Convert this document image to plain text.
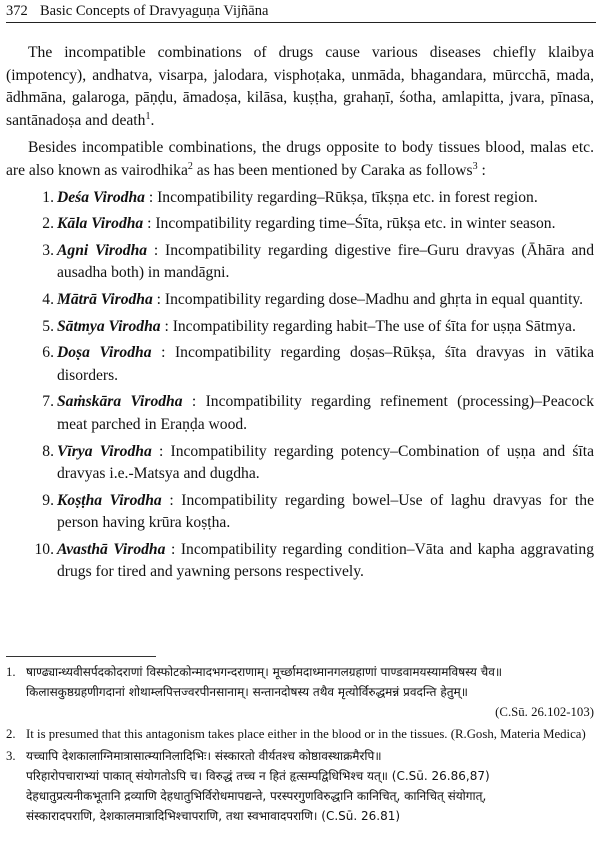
372 Basic Concepts of Dravyaguṇa Vijñāna

The incompatible combinations of drugs cause various diseases chiefly klaibya (impotency), andhatva, visarpa, jalodara, visphoṭaka, unmāda, bhagandara, mūrcchā, mada, ādhmāna, galaroga, pāṇḍu, āmadoṣa, kilāsa, kuṣṭha, grahaṇī, śotha, amlapitta, jvara, pīnasa, santānadoṣa and death$^1$.

Besides incompatible combinations, the drugs opposite to body tissues blood, malas etc. are also known as vairodhika$^2$ as has been mentioned by Caraka as follows$^3$ :

1. Deśa Virodha : Incompatibility regarding–Rūkṣa, tīkṣṇa etc. in forest region.
2. Kāla Virodha : Incompatibility regarding time–Śīta, rūkṣa etc. in winter season.
3. Agni Virodha : Incompatibility regarding digestive fire–Guru dravyas (Āhāra and ausadha both) in mandāgni.
4. Mātrā Virodha : Incompatibility regarding dose–Madhu and ghṛta in equal quantity.
5. Sātmya Virodha : Incompatibility regarding habit–The use of śīta for uṣṇa Sātmya.
6. Doṣa Virodha : Incompatibility regarding doṣas–Rūkṣa, śīta dravyas in vātika disorders.
7. Saṁskāra Virodha : Incompatibility regarding refinement (processing)–Peacock meat parched in Eraṇḍa wood.
8. Vīrya Virodha : Incompatibility regarding potency–Combination of uṣṇa and śīta dravyas i.e.-Matsya and dugdha.
9. Koṣṭha Virodha : Incompatibility regarding bowel–Use of laghu dravyas for the person having krūra koṣṭha.
10. Avasthā Virodha : Incompatibility regarding condition–Vāta and kapha aggravating drugs for tired and yawning persons respectively.
1. षाण्ढ्यान्ध्यवीसर्पदकोदराणां विस्फोटकोन्मादभगन्दराणाम्। मूर्च्छामदाध्मानगलग्रहाणां पाण्डवामयस्यामविषस्य चैव॥
किलासकुष्ठग्रहणीगदानां शोथाम्लपित्तज्वरपीनसानाम्। सन्तानदोषस्य तथैव मृत्योर्विरुद्धमन्नं प्रवदन्ति हेतुम्॥
(C.Sū. 26.102-103)
2. It is presumed that this antagonism takes place either in the blood or in the tissues. (R.Gosh, Materia Medica)
3. यच्चापि देशकालाग्निमात्रासात्म्यानिलादिभिः। संस्कारतो वीर्यतश्च कोष्ठावस्थाक्रमैरपि॥
परिहारोपचाराभ्यां पाकात् संयोगतोऽपि च। विरुद्धं तच्च न हितं हृत्सम्पद्विधिभिश्च यत्॥ (C.Sū. 26.86,87)
देहधातुप्रत्यनीकभूतानि द्रव्याणि देहधातुभिर्विरोधमापद्यन्ते, परस्परगुणविरुद्धानि कानिचित्, कानिचित् संयोगात्,
संस्कारादपराणि, देशकालमात्रादिभिश्चापराणि, तथा स्वभावादपराणि। (C.Sū. 26.81)
